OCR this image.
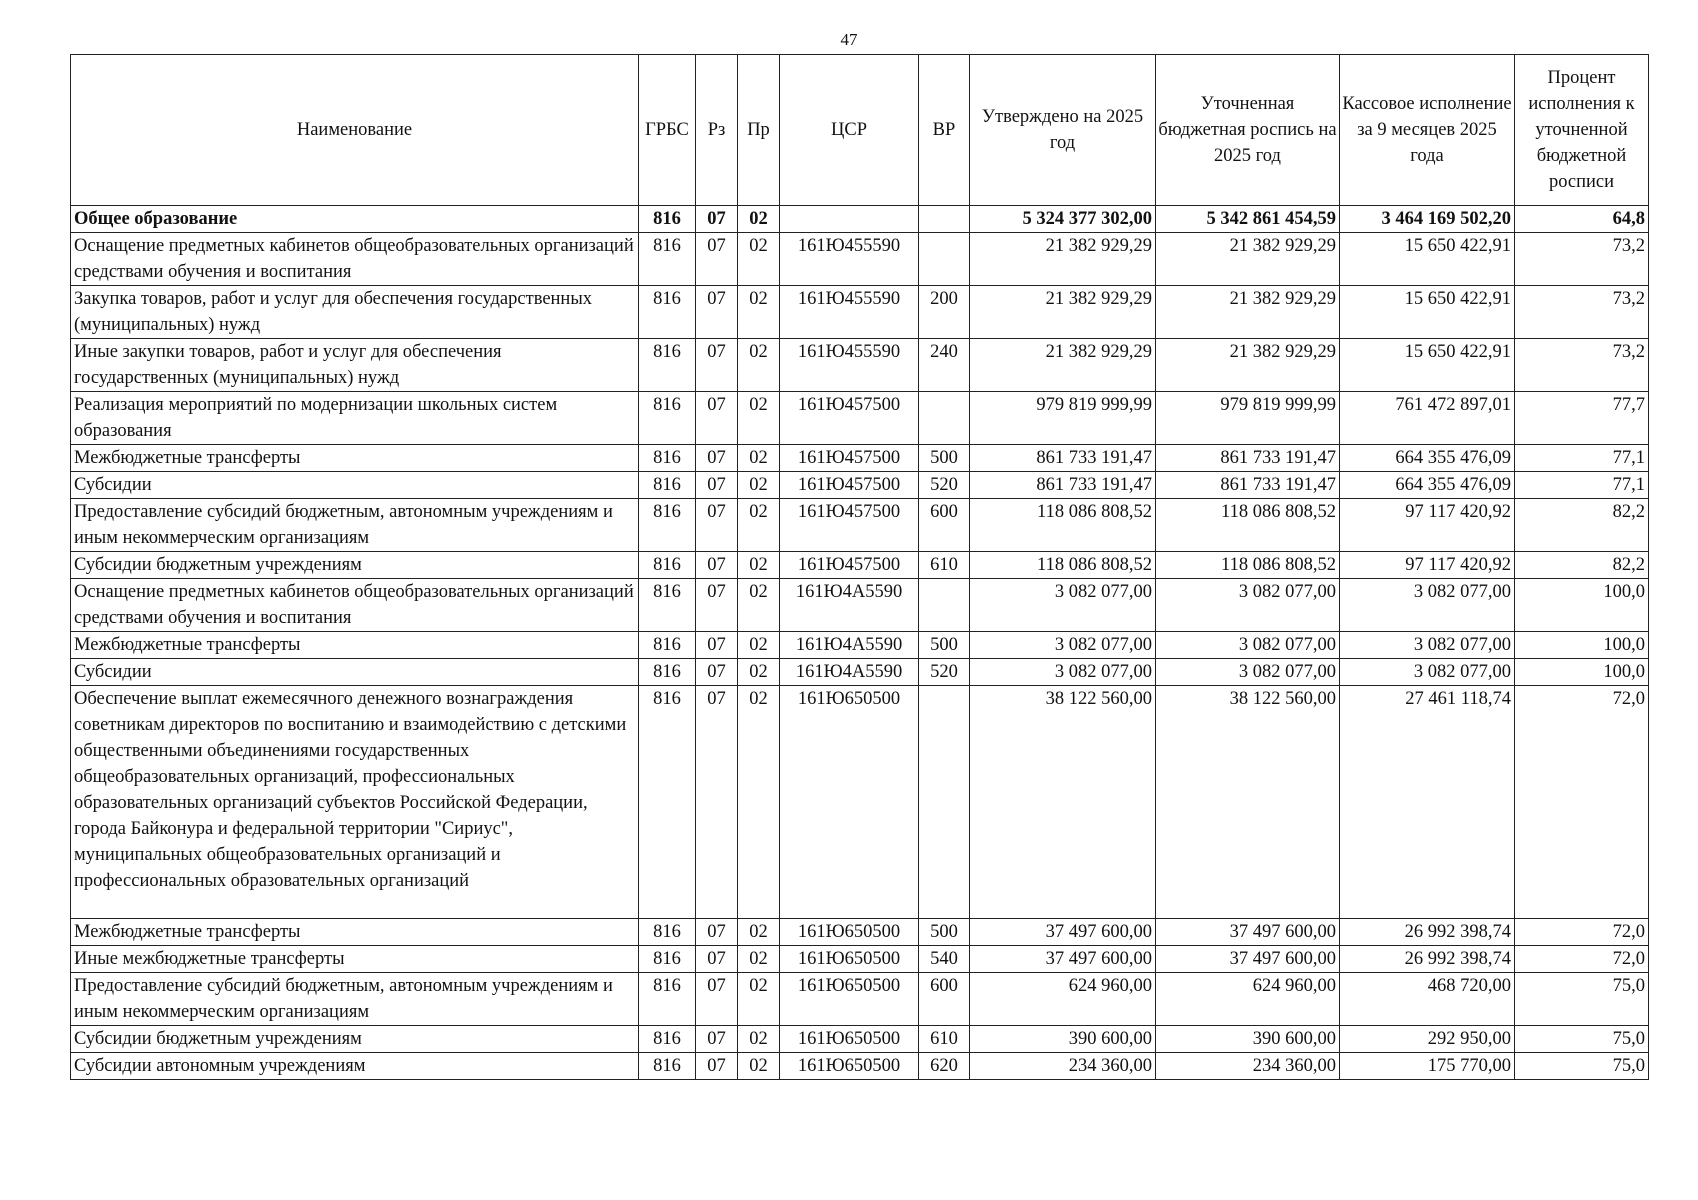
47
Наименование	ГРБС	Рз	Пр	ЦСР	ВР	Утверждено на 2025 год	Уточненная бюджетная роспись на 2025 год	Кассовое исполнение за 9 месяцев 2025 года	Процент исполнения к уточненной бюджетной росписи
Общее образование	816	07	02			5 324 377 302,00	5 342 861 454,59	3 464 169 502,20	64,8
Оснащение предметных кабинетов общеобразовательных организаций средствами обучения и воспитания	816	07	02	161Ю455590		21 382 929,29	21 382 929,29	15 650 422,91	73,2
Закупка товаров, работ и услуг для обеспечения государственных (муниципальных) нужд	816	07	02	161Ю455590	200	21 382 929,29	21 382 929,29	15 650 422,91	73,2
Иные закупки товаров, работ и услуг для обеспечения государственных (муниципальных) нужд	816	07	02	161Ю455590	240	21 382 929,29	21 382 929,29	15 650 422,91	73,2
Реализация мероприятий по модернизации школьных систем образования	816	07	02	161Ю457500		979 819 999,99	979 819 999,99	761 472 897,01	77,7
Межбюджетные трансферты	816	07	02	161Ю457500	500	861 733 191,47	861 733 191,47	664 355 476,09	77,1
Субсидии	816	07	02	161Ю457500	520	861 733 191,47	861 733 191,47	664 355 476,09	77,1
Предоставление субсидий бюджетным, автономным учреждениям и иным некоммерческим организациям	816	07	02	161Ю457500	600	118 086 808,52	118 086 808,52	97 117 420,92	82,2
Субсидии бюджетным учреждениям	816	07	02	161Ю457500	610	118 086 808,52	118 086 808,52	97 117 420,92	82,2
Оснащение предметных кабинетов общеобразовательных организаций средствами обучения и воспитания	816	07	02	161Ю4А5590		3 082 077,00	3 082 077,00	3 082 077,00	100,0
Межбюджетные трансферты	816	07	02	161Ю4А5590	500	3 082 077,00	3 082 077,00	3 082 077,00	100,0
Субсидии	816	07	02	161Ю4А5590	520	3 082 077,00	3 082 077,00	3 082 077,00	100,0
Обеспечение выплат ежемесячного денежного вознаграждения советникам директоров по воспитанию и взаимодействию с детскими общественными объединениями государственных общеобразовательных организаций, профессиональных образовательных организаций субъектов Российской Федерации, города Байконура и федеральной территории "Сириус", муниципальных общеобразовательных организаций и профессиональных образовательных организаций	816	07	02	161Ю650500		38 122 560,00	38 122 560,00	27 461 118,74	72,0
Межбюджетные трансферты	816	07	02	161Ю650500	500	37 497 600,00	37 497 600,00	26 992 398,74	72,0
Иные межбюджетные трансферты	816	07	02	161Ю650500	540	37 497 600,00	37 497 600,00	26 992 398,74	72,0
Предоставление субсидий бюджетным, автономным учреждениям и иным некоммерческим организациям	816	07	02	161Ю650500	600	624 960,00	624 960,00	468 720,00	75,0
Субсидии бюджетным учреждениям	816	07	02	161Ю650500	610	390 600,00	390 600,00	292 950,00	75,0
Субсидии автономным учреждениям	816	07	02	161Ю650500	620	234 360,00	234 360,00	175 770,00	75,0
